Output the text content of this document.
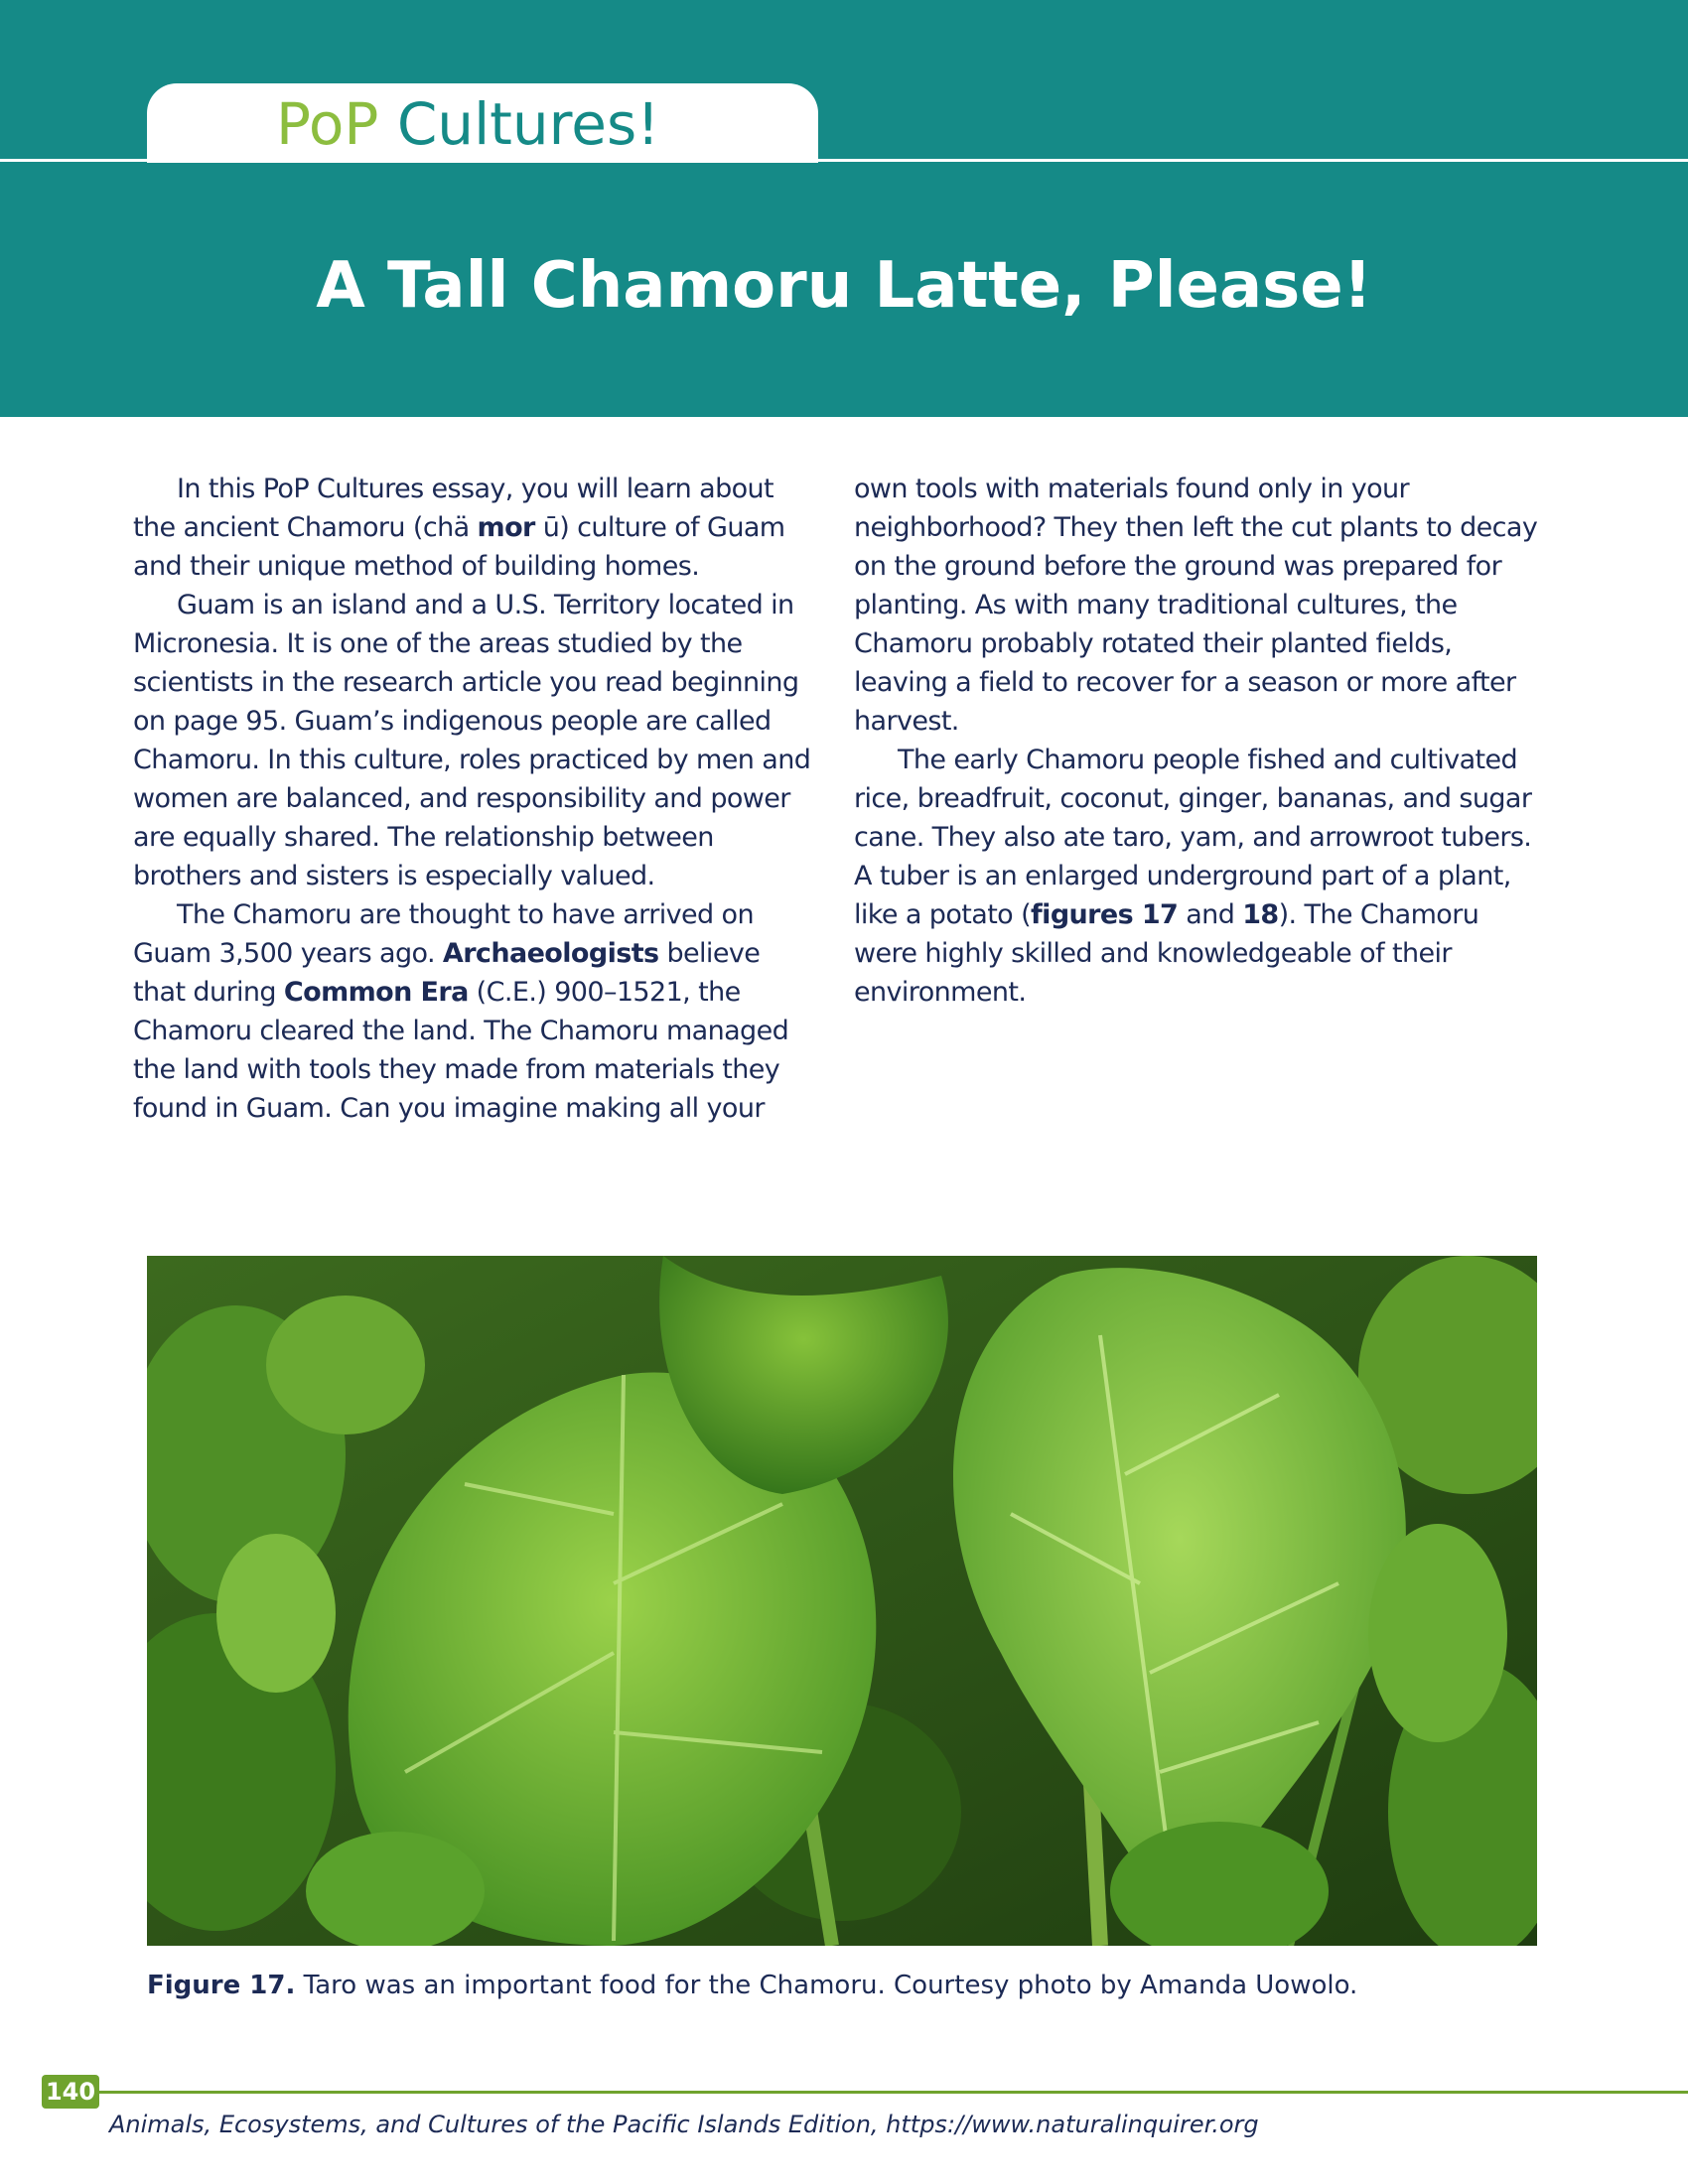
PoP Cultures!
A Tall Chamoru Latte, Please!

In this PoP Cultures essay, you will learn about the ancient Chamoru (chä mor ū) culture of Guam and their unique method of building homes.

Guam is an island and a U.S. Territory located in Micronesia. It is one of the areas studied by the scientists in the research article you read beginning on page 95. Guam’s indigenous people are called Chamoru. In this culture, roles practiced by men and women are balanced, and responsibility and power are equally shared. The relationship between brothers and sisters is especially valued.

The Chamoru are thought to have arrived on Guam 3,500 years ago. Archaeologists believe that during Common Era (C.E.) 900–1521, the Chamoru cleared the land. The Chamoru managed the land with tools they made from materials they found in Guam. Can you imagine making all your

own tools with materials found only in your neighborhood? They then left the cut plants to decay on the ground before the ground was prepared for planting. As with many traditional cultures, the Chamoru probably rotated their planted fields, leaving a field to recover for a season or more after harvest.

The early Chamoru people fished and cultivated rice, breadfruit, coconut, ginger, bananas, and sugar cane. They also ate taro, yam, and arrowroot tubers. A tuber is an enlarged underground part of a plant, like a potato (figures 17 and 18). The Chamoru were highly skilled and knowledgeable of their environment.

Figure 17. Taro was an important food for the Chamoru. Courtesy photo by Amanda Uowolo.
140
Animals, Ecosystems, and Cultures of the Pacific Islands Edition, https://www.naturalinquirer.org
